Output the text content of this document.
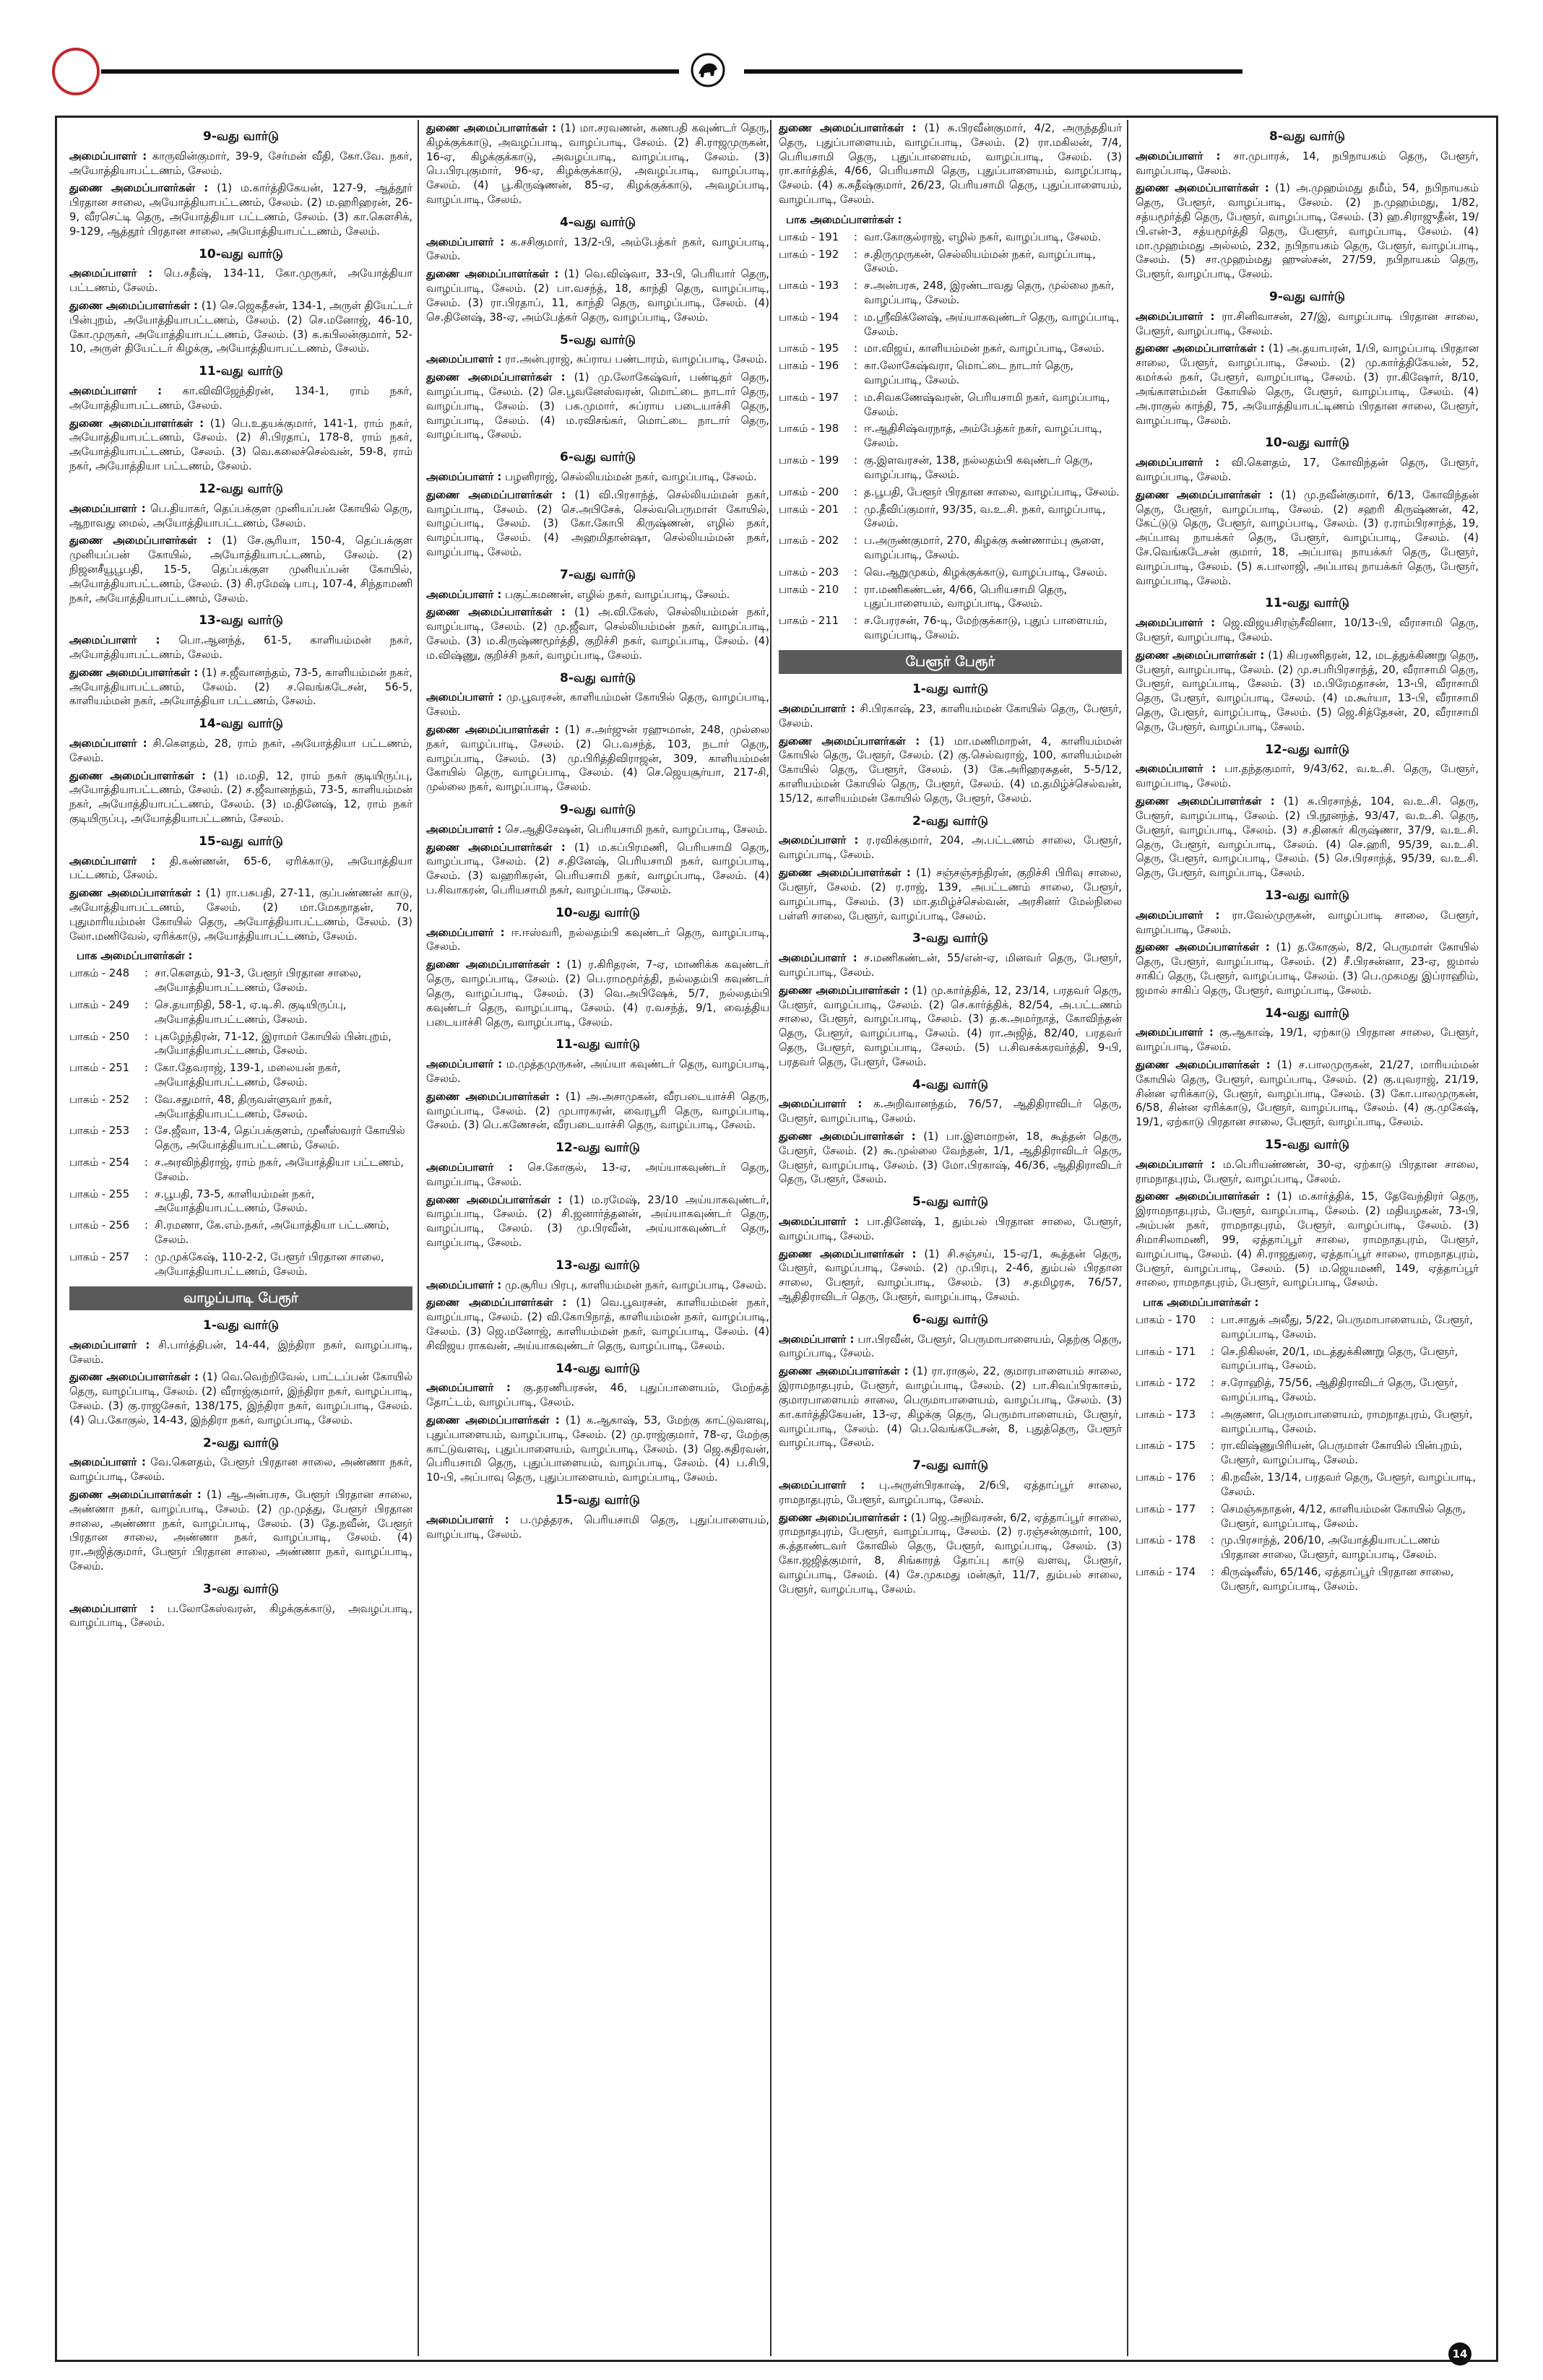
9-வது வார்டு
அமைப்பாளர் : காருவின்குமார், 39-9, சேர்மன் வீதி, கோ.வே. நகர், அயோத்தியாபட்டணம், சேலம்.
துணை அமைப்பாளர்கள் : (1) ம.கார்த்திகேயன், 127-9, ஆத்தூர் பிரதான சாலை, அயோத்தியாபட்டணம், சேலம். (2) ம.ஹரிஹரன், 26-9, வீரசெட்டி தெரு, அயோத்தியா பட்டணம், சேலம். (3) கா.கௌசிக், 9-129, ஆத்தூர் பிரதான சாலை, அயோத்தியாபட்டணம், சேலம்.
10-வது வார்டு
அமைப்பாளர் : பெ.சதீஷ், 134-11, கோ.முருகர், அயோத்தியா பட்டணம், சேலம்.
துணை அமைப்பாளர்கள் : (1) செ.ஜெகதீசன், 134-1, அருள் தியேட்டர் பின்புறம், அயோத்தியாபட்டணம், சேலம். (2) செ.மனோஜ், 46-10, கோ.முருகர், அயோத்தியாபட்டணம், சேலம். (3) க.கபிலன்குமார், 52-10, அருள் தியேட்டர் கிழக்கு, அயோத்தியாபட்டணம், சேலம்.
11-வது வார்டு
அமைப்பாளர் : கா.விவிஜேந்திரன், 134-1, ராம் நகர், அயோத்தியாபட்டணம், சேலம்.
துணை அமைப்பாளர்கள் : (1) பெ.உதயக்குமார், 141-1, ராம் நகர், அயோத்தியாபட்டணம், சேலம். (2) சி.பிரதாப், 178-8, ராம் நகர், அயோத்தியாபட்டணம், சேலம். (3) வெ.கலைச்செல்வன், 59-8, ராம் நகர், அயோத்தியா பட்டணம், சேலம்.
12-வது வார்டு
அமைப்பாளர் : பெ.தியாகர், தெப்பக்குள முனியப்பன் கோயில் தெரு, ஆறாவது மைல், அயோத்தியாபட்டணம், சேலம்.
துணை அமைப்பாளர்கள் : (1) சே.சூரியா, 150-4, தெப்பக்குள முனியப்பன் கோயில், அயோத்தியாபட்டணம், சேலம். (2) நிஜனசீயூபூபதி, 15-5, தெப்பக்குள முனியப்பன் கோயில், அயோத்தியாபட்டணம், சேலம். (3) சி.ரமேஷ் பாபு, 107-4, சிந்தாமணி நகர், அயோத்தியாபட்டணம், சேலம்.
13-வது வார்டு
அமைப்பாளர் : பொ.ஆனந்த், 61-5, காளியம்மன் நகர், அயோத்தியாபட்டணம், சேலம்.
துணை அமைப்பாளர்கள் : (1) ச.ஜீவானந்தம், 73-5, காளியம்மன் நகர், அயோத்தியாபட்டணம், சேலம். (2) ச.வெங்கடேசன், 56-5, காளியம்மன் நகர், அயோத்தியா பட்டணம், சேலம்.
14-வது வார்டு
அமைப்பாளர் : சி.கௌதம், 28, ராம் நகர், அயோத்தியா பட்டணம், சேலம்.
துணை அமைப்பாளர்கள் : (1) ம.மதி, 12, ராம் நகர் குடியிருப்பு, அயோத்தியாபட்டணம், சேலம். (2) ச.ஜீவானந்தம், 73-5, காளியம்மன் நகர், அயோத்தியாபட்டணம், சேலம். (3) ம.தினேஷ், 12, ராம் நகர் குடியிருப்பு, அயோத்தியாபட்டணம், சேலம்.
15-வது வார்டு
அமைப்பாளர் : தி.கண்ணன், 65-6, ஏரிக்காடு, அயோத்தியா பட்டணம், சேலம்.
துணை அமைப்பாளர்கள் : (1) ரா.பசுபதி, 27-11, குப்பண்ணன் காடு, அயோத்தியாபட்டணம், சேலம். (2) மா.மேகநாதன், 70, புதுமாரியம்மன் கோயில் தெரு, அயோத்தியாபட்டணம், சேலம். (3) லோ.மணிவேல், ஏரிக்காடு, அயோத்தியாபட்டணம், சேலம்.
பாக அமைப்பாளர்கள் :
பாகம் - 248	: சா.கௌதம், 91-3, பேளூர் பிரதான சாலை, அயோத்தியாபட்டணம், சேலம்.
பாகம் - 249	: செ.தயாநிதி, 58-1, ஏ.டி.சி. குடியிருப்பு, அயோத்தியாபட்டணம், சேலம்.
பாகம் - 250	: புகழேந்திரன், 71-12, இராமர் கோயில் பின்புறம், அயோத்தியாபட்டணம், சேலம்.
பாகம் - 251	: கோ.தேவராஜ், 139-1, மலையன் நகர், அயோத்தியாபட்டணம், சேலம்.
பாகம் - 252	: வே.சதுமார், 48, திருவள்ளுவர் நகர், அயோத்தியாபட்டணம், சேலம்.
பாகம் - 253	: சே.ஜீவா, 13-4, தெப்பக்குளம், முனீஸ்வரர் கோயில் தெரு, அயோத்தியாபட்டணம், சேலம்.
பாகம் - 254	: ச.அரவிந்திராஜ், ராம் நகர், அயோத்தியா பட்டணம், சேலம்.
பாகம் - 255	: ச.பூபதி, 73-5, காளியம்மன் நகர், அயோத்தியாபட்டணம், சேலம்.
பாகம் - 256	: சி.ரமணா, கே.எம்.நகர், அயோத்தியா பட்டணம், சேலம்.
பாகம் - 257	: மு.முக்கேஷ், 110-2-2, பேளூர் பிரதான சாலை, அயோத்தியாபட்டணம், சேலம்.
வாழப்பாடி பேரூர்
1-வது வார்டு
அமைப்பாளர் : சி.பார்த்திபன், 14-44, இந்திரா நகர், வாழப்பாடி, சேலம்.
துணை அமைப்பாளர்கள் : (1) வெ.வெற்றிவேல், பாட்டப்பன் கோயில் தெரு, வாழப்பாடி, சேலம். (2) வீராஜ்குமார், இந்திரா நகர், வாழப்பாடி, சேலம். (3) கு.ராஜசேகர், 138/175, இந்திரா நகர், வாழப்பாடி, சேலம். (4) பெ.கோகுல், 14-43, இந்திரா நகர், வாழப்பாடி, சேலம்.
2-வது வார்டு
அமைப்பாளர் : வே.கௌதம், பேளூர் பிரதான சாலை, அண்ணா நகர், வாழப்பாடி, சேலம்.
துணை அமைப்பாளர்கள் : (1) ஆ.அன்பரசு, பேளூர் பிரதான சாலை, அண்ணா நகர், வாழப்பாடி, சேலம். (2) மு.முத்து, பேளூர் பிரதான சாலை, அண்ணா நகர், வாழப்பாடி, சேலம். (3) தே.நவீன், பேளூர் பிரதான சாலை, அண்ணா நகர், வாழப்பாடி, சேலம். (4) ரா.அஜித்குமார், பேளூர் பிரதான சாலை, அண்ணா நகர், வாழப்பாடி, சேலம்.
3-வது வார்டு
அமைப்பாளர் : ப.லோகேஸ்வரன், கிழக்குக்காடு, அவழப்பாடி, வாழப்பாடி, சேலம்.
துணை அமைப்பாளர்கள் : (1) மா.சரவணன், கணபதி கவுண்டர் தெரு, கிழக்குக்காடு, அவழப்பாடி, வாழப்பாடி, சேலம். (2) சி.ராஜமுருகன், 16-ஏ, கிழக்குக்காடு, அவழப்பாடி, வாழப்பாடி, சேலம். (3) பெ.பிரபுகுமார், 96-ஏ, கிழக்குக்காடு, அவழப்பாடி, வாழப்பாடி, சேலம். (4) பூ.கிருஷ்ணன், 85-ஏ, கிழக்குக்காடு, அவழப்பாடி, வாழப்பாடி, சேலம்.
4-வது வார்டு
அமைப்பாளர் : க.சசிகுமார், 13/2-பி, அம்பேத்கர் நகர், வாழப்பாடி, சேலம்.
துணை அமைப்பாளர்கள் : (1) வெ.விஷ்வா, 33-பி, பெரியார் தெரு, வாழப்பாடி, சேலம். (2) பா.வசந்த், 18, காந்தி தெரு, வாழப்பாடி, சேலம். (3) ரா.பிரதாப், 11, காந்தி தெரு, வாழப்பாடி, சேலம். (4) செ.தினேஷ், 38-ஏ, அம்பேத்கர் தெரு, வாழப்பாடி, சேலம்.
5-வது வார்டு
அமைப்பாளர் : ரா.அன்புராஜ், சுப்ராய பண்டாரம், வாழப்பாடி, சேலம்.
துணை அமைப்பாளர்கள் : (1) மு.லோகேஷ்வர், பண்டிதர் தெரு, வாழப்பாடி, சேலம். (2) செ.பூவனேஸ்வரன், மொட்டை நாடார் தெரு, வாழப்பாடி, சேலம். (3) பக.முமார், சுப்ராய படையாச்சி தெரு, வாழப்பாடி, சேலம். (4) ம.ரவிசங்கர், மொட்டை நாடார் தெரு, வாழப்பாடி, சேலம்.
6-வது வார்டு
அமைப்பாளர் : பழனிராஜ், செல்லியம்மன் நகர், வாழப்பாடி, சேலம்.
துணை அமைப்பாளர்கள் : (1) வி.பிரசாந்த், செல்லியம்மன் நகர், வாழப்பாடி, சேலம். (2) செ.அபிசேக், செல்வபெருமாள் கோயில், வாழப்பாடி, சேலம். (3) கோ.கோபி கிருஷ்ணன், எழில் நகர், வாழப்பாடி, சேலம். (4) அஹமிதான்ஷா, செல்லியம்மன் நகர், வாழப்பாடி, சேலம்.
7-வது வார்டு
அமைப்பாளர் : பகுட்கமணன், எழில் நகர், வாழப்பாடி, சேலம்.
துணை அமைப்பாளர்கள் : (1) அ.வி.கேஸ், செல்லியம்மன் நகர், வாழப்பாடி, சேலம். (2) மு.ஜீவா, செல்லியம்மன் நகர், வாழப்பாடி, சேலம். (3) ம.கிருஷ்ணமூர்த்தி, குறிச்சி நகர், வாழப்பாடி, சேலம். (4) ம.விஷ்ணு, குறிச்சி நகர், வாழப்பாடி, சேலம்.
8-வது வார்டு
அமைப்பாளர் : மு.பூவரசன், காளியம்மன் கோயில் தெரு, வாழப்பாடி, சேலம்.
துணை அமைப்பாளர்கள் : (1) ச.அர்ஜுன் ரஹுமான், 248, முல்லை நகர், வாழப்பாடி, சேலம். (2) பெ.வசந்த், 103, நடார் தெரு, வாழப்பாடி, சேலம். (3) மு.பிரித்திவிராஜன், 309, காளியம்மன் கோயில் தெரு, வாழப்பாடி, சேலம். (4) செ.ஜெயசூர்யா, 217-சி, முல்லை நகர், வாழப்பாடி, சேலம்.
9-வது வார்டு
அமைப்பாளர் : செ.ஆதிசேஷன், பெரியசாமி நகர், வாழப்பாடி, சேலம்.
துணை அமைப்பாளர்கள் : (1) ம.கப்பிரமணி, பெரியசாமி தெரு, வாழப்பாடி, சேலம். (2) ச.தினேஷ், பெரியசாமி நகர், வாழப்பாடி, சேலம். (3) வஹரிகரன், பெரியசாமி நகர், வாழப்பாடி, சேலம். (4) ப.சிவாகரன், பெரியசாமி நகர், வாழப்பாடி, சேலம்.
10-வது வார்டு
அமைப்பாளர் : ஈ.ஈஸ்வரி, நல்லதம்பி கவுண்டர் தெரு, வாழப்பாடி, சேலம்.
துணை அமைப்பாளர்கள் : (1) ர.கிரிதரன், 7-ஏ, மாணிக்க கவுண்டர் தெரு, வாழப்பாடி, சேலம். (2) பெ.ராமமூர்த்தி, நல்லதம்பி கவுண்டர் தெரு, வாழப்பாடி, சேலம். (3) வெ.அபிஷேக், 5/7, நல்லதம்பி கவுண்டர் தெரு, வாழப்பாடி, சேலம். (4) ர.வசந்த், 9/1, வைத்திய படையாச்சி தெரு, வாழப்பாடி, சேலம்.
11-வது வார்டு
அமைப்பாளர் : ம.முத்தமுருகன், அய்யா கவுண்டர் தெரு, வாழப்பாடி, சேலம்.
துணை அமைப்பாளர்கள் : (1) அ.அசாமுகன், வீரபடையாச்சி தெரு, வாழப்பாடி, சேலம். (2) முபாரகரன், வைரபூரி தெரு, வாழப்பாடி, சேலம். (3) பெ.கணேசன், வீரபடையாச்சி தெரு, வாழப்பாடி, சேலம்.
12-வது வார்டு
அமைப்பாளர் : செ.கோகுல், 13-ஏ, அய்யாகவுண்டர் தெரு, வாழப்பாடி, சேலம்.
துணை அமைப்பாளர்கள் : (1) ம.ரமேஷ், 23/10 அய்யாகவுண்டர், வாழப்பாடி, சேலம். (2) சி.ஜனார்த்தனன், அய்யாகவுண்டர் தெரு, வாழப்பாடி, சேலம். (3) மு.பிரவீன், அய்யாகவுண்டர் தெரு, வாழப்பாடி, சேலம்.
13-வது வார்டு
அமைப்பாளர் : மு.சூரிய பிரபு, காளியம்மன் நகர், வாழப்பாடி, சேலம்.
துணை அமைப்பாளர்கள் : (1) வெ.பூவரசன், காளியம்மன் நகர், வாழப்பாடி, சேலம். (2) வி.கோபிநாத், காளியம்மன் நகர், வாழப்பாடி, சேலம். (3) ஜெ.மனோஜ், காளியம்மன் நகர், வாழப்பாடி, சேலம். (4) சிவிஜய ராகவன், அய்யாகவுண்டர் தெரு, வாழப்பாடி, சேலம்.
14-வது வார்டு
அமைப்பாளர் : கு.தரணிபரசன், 46, புதுப்பாளையம், மேற்கத் தோட்டம், வாழப்பாடி, சேலம்.
துணை அமைப்பாளர்கள் : (1) க.ஆகாஷ், 53, மேற்கு காட்டுவளவு, புதுப்பாளையம், வாழப்பாடி, சேலம். (2) மு.ராஜ்குமார், 78-ஏ, மேற்கு காட்டுவளவு, புதுப்பாளையம், வாழப்பாடி, சேலம். (3) ஜெ.சுதிரவன், பெரியசாமி தெரு, புதுப்பாளையம், வாழப்பாடி, சேலம். (4) ப.சிபி, 10-பி, அப்பாவு தெரு, புதுப்பாளையம், வாழப்பாடி, சேலம்.
15-வது வார்டு
அமைப்பாளர் : ப.முத்தரசு, பெரியசாமி தெரு, புதுப்பாளையம், வாழப்பாடி, சேலம்.
துணை அமைப்பாளர்கள் : (1) சு.பிரவீன்குமார், 4/2, அருந்ததியர் தெரு, புதுப்பாளையம், வாழப்பாடி, சேலம். (2) ரா.மகிலன், 7/4, பெரியசாமி தெரு, புதுப்பாளையம், வாழப்பாடி, சேலம். (3) ரா.கார்த்திக், 4/66, பெரியசாமி தெரு, புதுப்பாளையம், வாழப்பாடி, சேலம். (4) க.சுதீஷ்குமார், 26/23, பெரியசாமி தெரு, புதுப்பாளையம், வாழப்பாடி, சேலம்.
பாக அமைப்பாளர்கள் :
பாகம் - 191	: வா.கோகுல்ராஜ், எழில் நகர், வாழப்பாடி, சேலம்.
பாகம் - 192	: ச.திருமுருகன், செல்லியம்மன் நகர், வாழப்பாடி, சேலம்.
பாகம் - 193	: ச.அன்பரசு, 248, இரண்டாவது தெரு, முல்லை நகர், வாழப்பாடி, சேலம்.
பாகம் - 194	: ம.ஸ்ரீவிக்னேஷ், அய்யாகவுண்டர் தெரு, வாழப்பாடி, சேலம்.
பாகம் - 195	: மா.விஜய், காளியம்மன் நகர், வாழப்பாடி, சேலம்.
பாகம் - 196	: கா.லோகேஷ்வரா, மொட்டை நாடார் தெரு, வாழப்பாடி, சேலம்.
பாகம் - 197	: ம.சிவகணேஷ்வரன், பெரியசாமி நகர், வாழப்பாடி, சேலம்.
பாகம் - 198	: ஈ.ஆதிசிஷ்வரநாத், அம்பேத்கர் நகர், வாழப்பாடி, சேலம்.
பாகம் - 199	: கு.இளவரசன், 138, நல்லதம்பி கவுண்டர் தெரு, வாழப்பாடி, சேலம்.
பாகம் - 200	: த.பூபதி, பேளூர் பிரதான சாலை, வாழப்பாடி, சேலம்.
பாகம் - 201	: மு.தீவிப்குமார், 93/35, வ.உ.சி. நகர், வாழப்பாடி, சேலம்.
பாகம் - 202	: ப.அருண்குமார், 270, கிழக்கு சுண்ணாம்பு சூளை, வாழப்பாடி, சேலம்.
பாகம் - 203	: வெ.ஆறுமுகம், கிழக்குக்காடு, வாழப்பாடி, சேலம்.
பாகம் - 210	: ரா.மணிகண்டன், 4/66, பெரியசாமி தெரு, புதுப்பாளையம், வாழப்பாடி, சேலம்.
பாகம் - 211	: ச.பேரரசன், 76-டி, மேற்குக்காடு, புதுப் பாளையம், வாழப்பாடி, சேலம்.
பேளூர் பேரூர்
1-வது வார்டு
அமைப்பாளர் : சி.பிரகாஷ், 23, காளியம்மன் கோயில் தெரு, பேளூர், சேலம்.
துணை அமைப்பாளர்கள் : (1) மா.மணிமாறன், 4, காளியம்மன் கோயில் தெரு, பேளூர், சேலம். (2) கு.செல்வராஜ், 100, காளியம்மன் கோயில் தெரு, பேளூர், சேலம். (3) கே.அரிஹரசுதன், 5-5/12, காளியம்மன் கோயில் தெரு, பேளூர், சேலம். (4) ம.தமிழ்ச்செல்வன், 15/12, காளியம்மன் கோயில் தெரு, பேளூர், சேலம்.
2-வது வார்டு
அமைப்பாளர் : ர.ரவிக்குமார், 204, அ.பட்டணம் சாலை, பேளூர், வாழப்பாடி, சேலம்.
துணை அமைப்பாளர்கள் : (1) சஞ்சஞ்சந்திரன், குறிச்சி பிரிவு சாலை, பேளூர், சேலம். (2) ர.ராஜ், 139, அபட்டணம் சாலை, பேளூர், வாழப்பாடி, சேலம். (3) மா.தமிழ்ச்செல்வன், அரசினர் மேல்நிலை பள்ளி சாலை, பேளூர், வாழப்பாடி, சேலம்.
3-வது வார்டு
அமைப்பாளர் : ச.மணிகண்டன், 55/என்-ஏ, மினவர் தெரு, பேளூர், வாழப்பாடி, சேலம்.
துணை அமைப்பாளர்கள் : (1) மு.கார்த்திக், 12, 23/14, பரதவர் தெரு, பேளூர், வாழப்பாடி, சேலம். (2) செ.கார்த்திக், 82/54, அ.பட்டணம் சாலை, பேளூர், வாழப்பாடி, சேலம். (3) த.க.அமர்நாத், கோவிந்தன் தெரு, பேளூர், வாழப்பாடி, சேலம். (4) ரா.அஜித், 82/40, பரதவர் தெரு, பேளூர், வாழப்பாடி, சேலம். (5) ப.சிவசக்கரவர்த்தி, 9-பி, பரதவர் தெரு, பேளூர், சேலம்.
4-வது வார்டு
அமைப்பாளர் : க.அறிவானந்தம், 76/57, ஆதிதிராவிடர் தெரு, பேளூர், வாழப்பாடி, சேலம்.
துணை அமைப்பாளர்கள் : (1) பா.இளமாறன், 18, கூத்தன் தெரு, பேளூர், சேலம். (2) கூ.முல்லை வேந்தன், 1/1, ஆதிதிராவிடர் தெரு, பேளூர், வாழப்பாடி, சேலம். (3) மோ.பிரகாஷ், 46/36, ஆதிதிராவிடர் தெரு, பேளூர், சேலம்.
5-வது வார்டு
அமைப்பாளர் : பா.தினேஷ், 1, தும்பல் பிரதான சாலை, பேளூர், வாழப்பாடி, சேலம்.
துணை அமைப்பாளர்கள் : (1) சி.சஞ்சய், 15-ஏ/1, கூத்தன் தெரு, பேளூர், வாழப்பாடி, சேலம். (2) மு.பிரபு, 2-46, தும்பல் பிரதான சாலை, பேளூர், வாழப்பாடி, சேலம். (3) ச.தமிழரசு, 76/57, ஆதிதிராவிடர் தெரு, பேளூர், வாழப்பாடி, சேலம்.
6-வது வார்டு
அமைப்பாளர் : பா.பிரவீன், பேளூர், பெருமாபாளையம், தெற்கு தெரு, வாழப்பாடி, சேலம்.
துணை அமைப்பாளர்கள் : (1) ரா.ராகுல், 22, குமாரபாளையம் சாலை, இராமநாதபுரம், பேளூர், வாழப்பாடி, சேலம். (2) பா.சிவப்பிரகாசம், குமாரபாளையம் சாலை, பெருமாபாளையம், வாழப்பாடி, சேலம். (3) கா.கார்த்திகேயன், 13-ஏ, கிழக்கு தெரு, பெருமாபாளையம், பேளூர், வாழப்பாடி, சேலம். (4) பெ.வெங்கடேசன், 8, புதுத்தெரு, பேளூர் வாழப்பாடி, சேலம்.
7-வது வார்டு
அமைப்பாளர் : பு.அருள்பிரகாஷ், 2/6பி, ஏத்தாப்பூர் சாலை, ராமநாதபுரம், பேளூர், வாழப்பாடி, சேலம்.
துணை அமைப்பாளர்கள் : (1) ஜெ.அறிவரசன், 6/2, ஏத்தாப்பூர் சாலை, ராமநாதபுரம், பேளூர், வாழப்பாடி, சேலம். (2) ர.ரஞ்சன்குமார், 100, சு.த்தாண்டவர் கோவில் தெரு, பேளூர், வாழப்பாடி, சேலம். (3) கோ.ஜஜித்குமார், 8, சிங்காரத் தோப்பு காடு வளவு, பேளூர், வாழப்பாடி, சேலம். (4) சே.முகமது மன்சூர், 11/7, தும்பல் சாலை, பேளூர், வாழப்பாடி, சேலம்.
8-வது வார்டு
அமைப்பாளர் : சா.முபாரக், 14, நபிநாயகம் தெரு, பேளூர், வாழப்பாடி, சேலம்.
துணை அமைப்பாளர்கள் : (1) அ.முஹம்மது தமீம், 54, நபிநாயகம் தெரு, பேளூர், வாழப்பாடி, சேலம். (2) ந.முஹம்மது, 1/82, சத்யமூர்த்தி தெரு, பேளூர், வாழப்பாடி, சேலம். (3) ஹ.சிராஜுதீன், 19/பி.என்-3, சத்யமூர்த்தி தெரு, பேளூர், வாழப்பாடி, சேலம். (4) மா.முஹம்மது அல்லம், 232, நபிநாயகம் தெரு, பேளூர், வாழப்பாடி, சேலம். (5) சா.முஹம்மது ஹுஸ்சன், 27/59, நபிநாயகம் தெரு, பேளூர், வாழப்பாடி, சேலம்.
9-வது வார்டு
அமைப்பாளர் : ரா.சினிவாசன், 27/இ, வாழப்பாடி பிரதான சாலை, பேளூர், வாழப்பாடி, சேலம்.
துணை அமைப்பாளர்கள் : (1) அ.தயாபரன், 1/பி, வாழப்பாடி பிரதான சாலை, பேளூர், வாழப்பாடி, சேலம். (2) மு.கார்த்திகேயன், 52, கமர்கல் நகர், பேளூர், வாழப்பாடி, சேலம். (3) ரா.கிஷோர், 8/10, அங்காளம்மன் கோயில் தெரு, பேளூர், வாழப்பாடி, சேலம். (4) அ.ராகுல் காந்தி, 75, அயோத்தியாபட்டிணம் பிரதான சாலை, பேளூர், வாழப்பாடி, சேலம்.
10-வது வார்டு
அமைப்பாளர் : வி.கௌதம், 17, கோவிந்தன் தெரு, பேளூர், வாழப்பாடி, சேலம்.
துணை அமைப்பாளர்கள் : (1) மு.நவீன்குமார், 6/13, கோவிந்தன் தெரு, பேளூர், வாழப்பாடி, சேலம். (2) சஹரி கிருஷ்ணன், 42, கேட்டுடு தெரு, பேளூர், வாழப்பாடி, சேலம். (3) ர.ராம்பிரசாந்த், 19, அப்பாவு நாயக்கர் தெரு, பேளூர், வாழப்பாடி, சேலம். (4) சே.வெங்கடேசன் குமார், 18, அப்பாவு நாயக்கர் தெரு, பேளூர், வாழப்பாடி, சேலம். (5) க.பாலாஜி, அப்பாவு நாயக்கர் தெரு, பேளூர், வாழப்பாடி, சேலம்.
11-வது வார்டு
அமைப்பாளர் : ஜெ.விஜயசிரஞ்சீவினா, 10/13-பி, வீராசாமி தெரு, பேளூர், வாழப்பாடி, சேலம்.
துணை அமைப்பாளர்கள் : (1) கிபரணிதரன், 12, மடத்துக்கிணறு தெரு, பேளூர், வாழப்பாடி, சேலம். (2) மு.சபரிபிரசாந்த், 20, வீராசாமி தெரு, பேளூர், வாழப்பாடி, சேலம். (3) ம.பிரேமதாசன், 13-பி, வீராசாமி தெரு, பேளூர், வாழப்பாடி, சேலம். (4) ம.கூர்யா, 13-பி, வீராசாமி தெரு, பேளூர், வாழப்பாடி, சேலம். (5) ஜெ.சித்தேசன், 20, வீராசாமி தெரு, பேளூர், வாழப்பாடி, சேலம்.
12-வது வார்டு
அமைப்பாளர் : பா.தந்தகுமார், 9/43/62, வ.உ.சி. தெரு, பேளூர், வாழப்பாடி, சேலம்.
துணை அமைப்பாளர்கள் : (1) சு.பிரசாந்த், 104, வ.உ.சி. தெரு, பேளூர், வாழப்பாடி, சேலம். (2) பி.நூனந்த், 93/47, வ.உ.சி. தெரு, பேளூர், வாழப்பாடி, சேலம். (3) ச.தினகர் கிருஷ்ணா, 37/9, வ.உ.சி. தெரு, பேளூர், வாழப்பாடி, சேலம். (4) செ.ஹரி, 95/39, வ.உ.சி. தெரு, பேளூர், வாழப்பாடி, சேலம். (5) செ.பிரசாந்த், 95/39, வ.உ.சி. தெரு, பேளூர், வாழப்பாடி, சேலம்.
13-வது வார்டு
அமைப்பாளர் : ரா.வேல்முருகன், வாழப்பாடி சாலை, பேளூர், வாழப்பாடி, சேலம்.
துணை அமைப்பாளர்கள் : (1) த.கோகுல், 8/2, பெருமாள் கோயில் தெரு, பேளூர், வாழப்பாடி, சேலம். (2) சீ.பிரசன்னா, 23-ஏ, ஜமால் சாகிப் தெரு, பேளூர், வாழப்பாடி, சேலம். (3) பெ.முகமது இப்ராஹிம், ஜமால் சாகிப் தெரு, பேளூர், வாழப்பாடி, சேலம்.
14-வது வார்டு
அமைப்பாளர் : கு.ஆகாஷ், 19/1, ஏற்காடு பிரதான சாலை, பேளூர், வாழப்பாடி, சேலம்.
துணை அமைப்பாளர்கள் : (1) ச.பாலமுருகன், 21/27, மாரியம்மன் கோயில் தெரு, பேளூர், வாழப்பாடி, சேலம். (2) கு.யுவராஜ், 21/19, சின்ன ஏரிக்காடு, பேளூர், வாழப்பாடி, சேலம். (3) கோ.பாலமுருகன், 6/58, சின்ன ஏரிக்காடு, பேளூர், வாழப்பாடி, சேலம். (4) கு.முகேஷ், 19/1, ஏற்காடு பிரதான சாலை, பேளூர், வாழப்பாடி, சேலம்.
15-வது வார்டு
அமைப்பாளர் : ம.பெரியண்ணன், 30-ஏ, ஏற்காடு பிரதான சாலை, ராமநாதபுரம், பேளூர், வாழப்பாடி, சேலம்.
துணை அமைப்பாளர்கள் : (1) ம.கார்த்திக், 15, தேவேந்திரர் தெரு, இராமநாதபுரம், பேளூர், வாழப்பாடி, சேலம். (2) மதியழகன், 73-பி, அம்பன் நகர், ராமநாதபுரம், பேளூர், வாழப்பாடி, சேலம். (3) சிமாசிலாமணி, 99, ஏத்தாப்பூர் சாலை, ராமநாதபுரம், பேளூர், வாழப்பாடி, சேலம். (4) சி.ராஜதுரை, ஏத்தாப்பூர் சாலை, ராமநாதபுரம், பேளூர், வாழப்பாடி, சேலம். (5) ம.ஜெயமணி, 149, ஏத்தாப்பூர் சாலை, ராமநாதபுரம், பேளூர், வாழப்பாடி, சேலம்.
பாக அமைப்பாளர்கள் :
பாகம் - 170	: பா.சாதுக் அலீது, 5/22, பெருமாபாளையம், பேளூர், வாழப்பாடி, சேலம்.
பாகம் - 171	: செ.நிகிலன், 20/1, மடத்துக்கிணறு தெரு, பேளூர், வாழப்பாடி, சேலம்.
பாகம் - 172	: ச.ரோஹித், 75/56, ஆதிதிராவிடர் தெரு, பேளூர், வாழப்பாடி, சேலம்.
பாகம் - 173	: அகுணா, பெருமாபாளையம், ராமநாதபுரம், பேளூர், வாழப்பாடி, சேலம்.
பாகம் - 175	: ரா.விஷ்ணுபிரியன், பெருமாள் கோயில் பின்புறம், பேளூர், வாழப்பாடி, சேலம்.
பாகம் - 176	: கி.நவீன், 13/14, பரதவர் தெரு, பேளூர், வாழப்பாடி, சேலம்.
பாகம் - 177	: செமஞ்சுநாதன், 4/12, காளியம்மன் கோயில் தெரு, பேளூர், வாழப்பாடி, சேலம்.
பாகம் - 178	: மு.பிரசாந்த், 206/10, அயோத்தியாபட்டணம் பிரதான சாலை, பேளூர், வாழப்பாடி, சேலம்.
பாகம் - 174	: கிருஷ்னீஸ், 65/146, ஏத்தாப்பூர் பிரதான சாலை, பேளூர், வாழப்பாடி, சேலம்.
14
